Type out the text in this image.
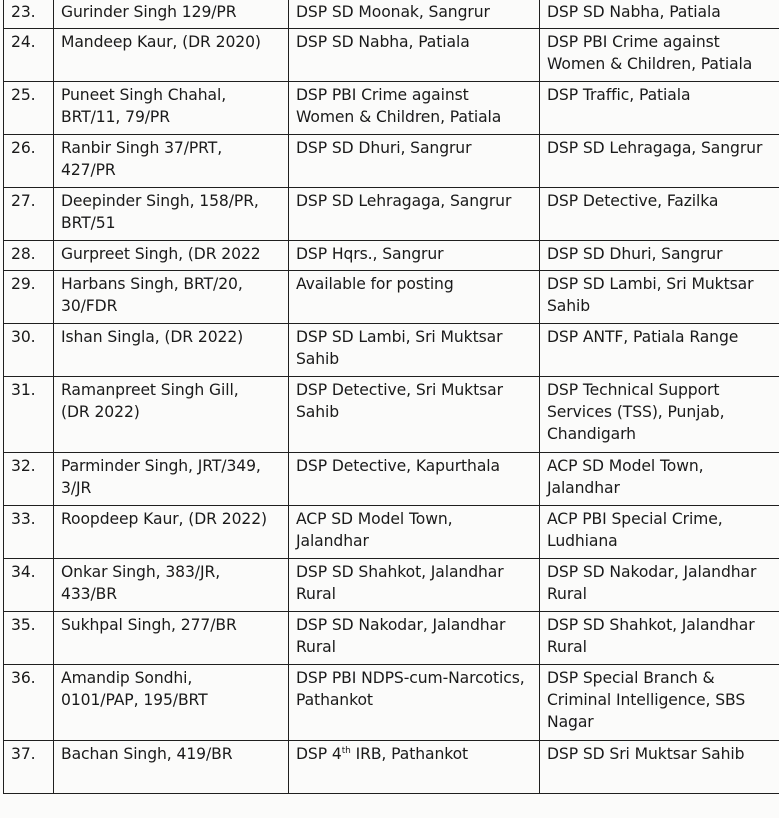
23.	Gurinder Singh 129/PR	DSP SD Moonak, Sangrur	DSP SD Nabha, Patiala
24.	Mandeep Kaur, (DR 2020)	DSP SD Nabha, Patiala	DSP PBI Crime against
Women & Children, Patiala
25.	Puneet Singh Chahal,
BRT/11, 79/PR	DSP PBI Crime against
Women & Children, Patiala	DSP Traffic, Patiala
26.	Ranbir Singh 37/PRT,
427/PR	DSP SD Dhuri, Sangrur	DSP SD Lehragaga, Sangrur
27.	Deepinder Singh, 158/PR,
BRT/51	DSP SD Lehragaga, Sangrur	DSP Detective, Fazilka
28.	Gurpreet Singh, (DR 2022	DSP Hqrs., Sangrur	DSP SD Dhuri, Sangrur
29.	Harbans Singh, BRT/20,
30/FDR	Available for posting	DSP SD Lambi, Sri Muktsar
Sahib
30.	Ishan Singla, (DR 2022)	DSP SD Lambi, Sri Muktsar
Sahib	DSP ANTF, Patiala Range
31.	Ramanpreet Singh Gill,
(DR 2022)	DSP Detective, Sri Muktsar
Sahib	DSP Technical Support
Services (TSS), Punjab,
Chandigarh
32.	Parminder Singh, JRT/349,
3/JR	DSP Detective, Kapurthala	ACP SD Model Town,
Jalandhar
33.	Roopdeep Kaur, (DR 2022)	ACP SD Model Town,
Jalandhar	ACP PBI Special Crime,
Ludhiana
34.	Onkar Singh, 383/JR,
433/BR	DSP SD Shahkot, Jalandhar
Rural	DSP SD Nakodar, Jalandhar
Rural
35.	Sukhpal Singh, 277/BR	DSP SD Nakodar, Jalandhar
Rural	DSP SD Shahkot, Jalandhar
Rural
36.	Amandip Sondhi,
0101/PAP, 195/BRT	DSP PBI NDPS-cum-Narcotics,
Pathankot	DSP Special Branch &
Criminal Intelligence, SBS
Nagar
37.	Bachan Singh, 419/BR	DSP 4th IRB, Pathankot	DSP SD Sri Muktsar Sahib
